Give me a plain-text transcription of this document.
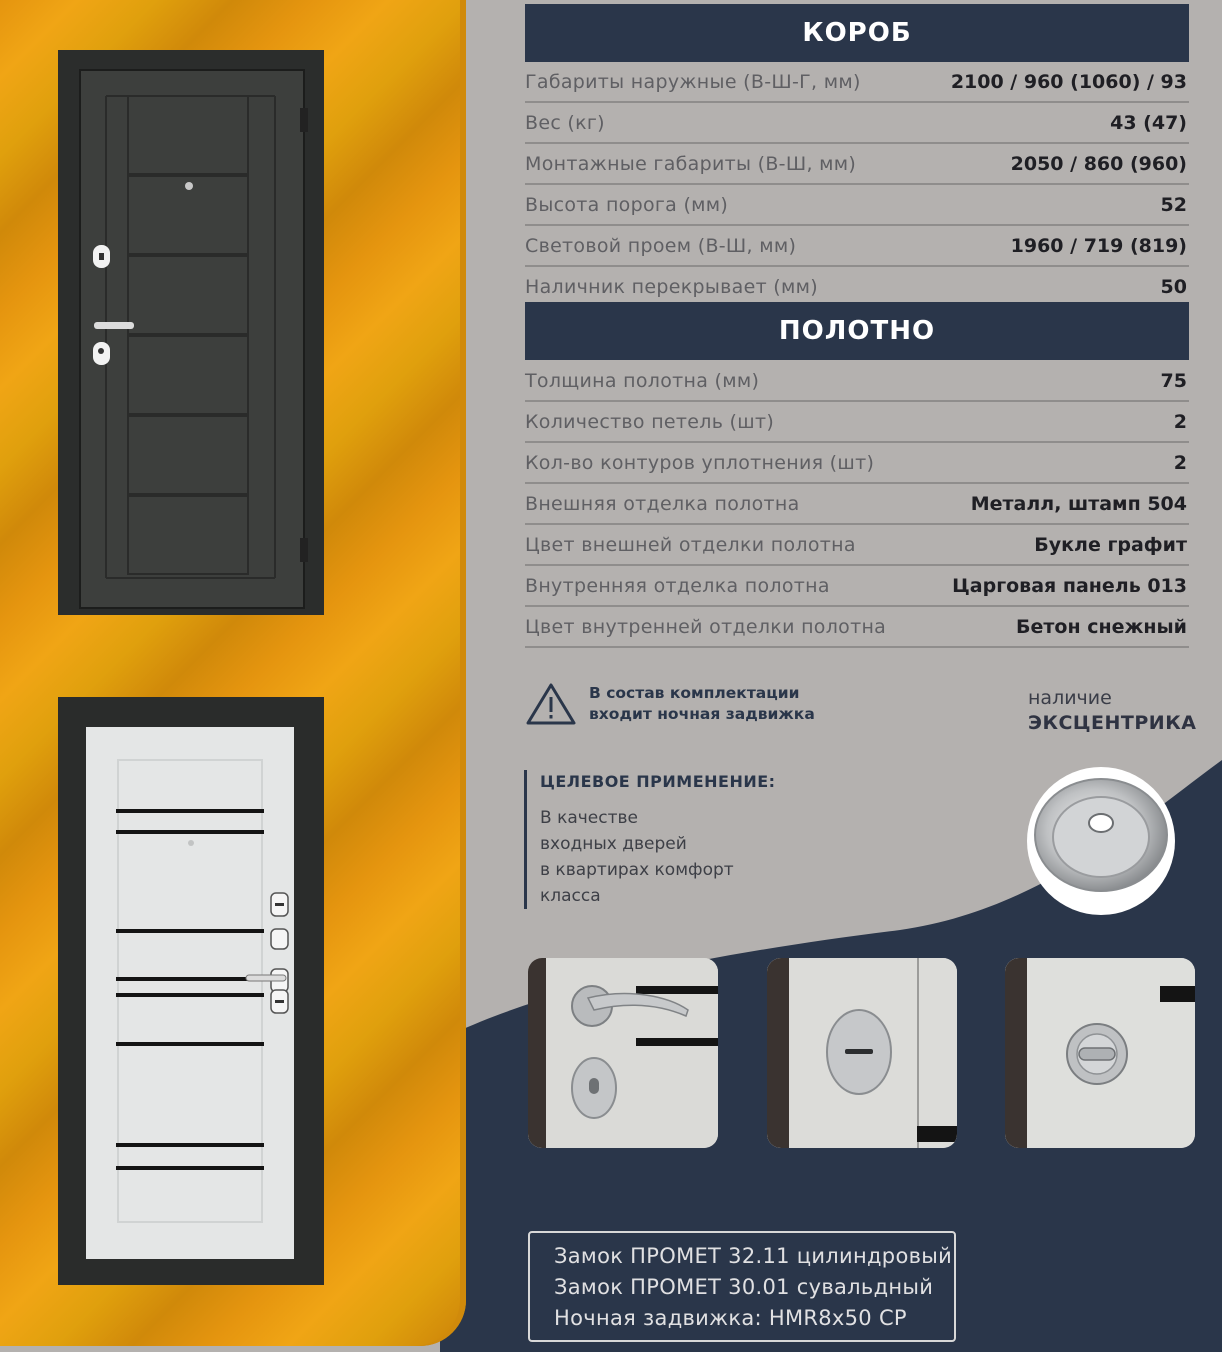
КОРОБ
Габариты наружные (В-Ш-Г, мм)	2100 / 960 (1060) / 93
Вес (кг)	43 (47)
Монтажные габариты (В-Ш, мм)	2050 / 860 (960)
Высота порога (мм)	52
Световой проем (В-Ш, мм)	1960 / 719 (819)
Наличник перекрывает (мм)	50
ПОЛОТНО
Толщина полотна (мм)	75
Количество петель (шт)	2
Кол-во контуров уплотнения (шт)	2
Внешняя отделка полотна	Металл, штамп 504
Цвет внешней отделки полотна	Букле графит
Внутренняя отделка полотна	Царговая панель 013
Цвет внутренней отделки полотна	Бетон снежный
В состав комплектации
входит ночная задвижка
наличие
ЭКСЦЕНТРИКА
ЦЕЛЕВОЕ ПРИМЕНЕНИЕ:
В качестве
входных дверей
в квартирах комфорт
класса
Замок ПРОМЕТ 32.11 цилиндровый
Замок ПРОМЕТ 30.01 сувальдный
Ночная задвижка: HMR8x50 CP
